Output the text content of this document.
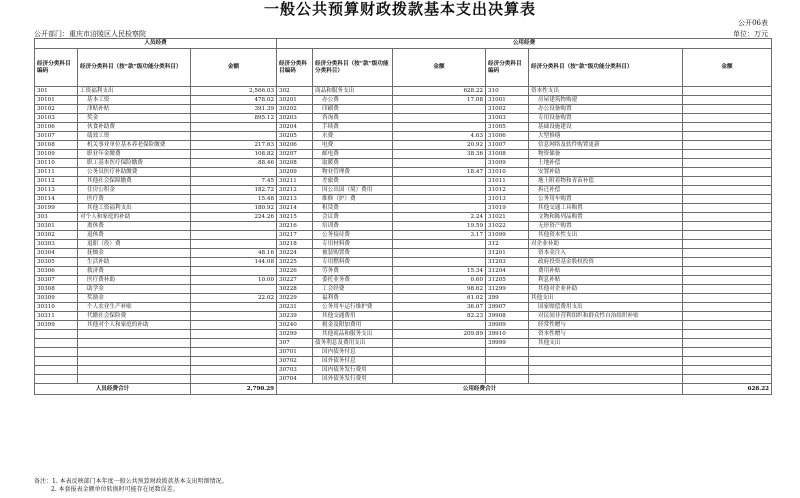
一般公共预算财政拨款基本支出决算表
公开06表
公开部门：重庆市涪陵区人民检察院	单位：万元
人员经费			公用经费					
经济分类科目编码	经济分类科目（按“款”级功能分类科目）	金额	经济分类科目编码	经济分类科目（按“款”级功能分类科目）	金额	经济分类科目编码	经济分类科目（按“款”级功能分类科目）	金额
301	工资福利支出	2,566.03	302	商品和服务支出	628.22	310	资本性支出	
30101	基本工资	478.02	30201	办公费	17.08	31001	房屋建筑物购建	
30102	津贴补贴	391.39	30202	印刷费		31002	办公设备购置	
30103	奖金	895.12	30203	咨询费		31003	专用设备购置	
30106	伙食补助费		30204	手续费		31005	基础设施建设	
30107	绩效工资		30205	水费	4.63	31006	大型修缮	
30108	机关事业单位基本养老保险缴费	217.63	30206	电费	20.92	31007	信息网络及软件购置更新	
30109	职业年金缴费	108.82	30207	邮电费	38.36	31008	物资储备	
30110	职工基本医疗保险缴费	88.46	30208	取暖费		31009	土地补偿	
30111	公务员医疗补助缴费		30209	物业管理费	18.47	31010	安置补助	
30112	其他社会保障缴费	7.45	30211	差旅费		31011	地上附着物和青苗补偿	
30113	住房公积金	182.72	30212	因公出国（境）费用		31012	拆迁补偿	
30114	医疗费	15.48	30213	维修（护）费		31013	公务用车购置	
30199	其他工资福利支出	180.92	30214	租赁费		31019	其他交通工具购置	
303	对个人和家庭的补助	224.26	30215	会议费	2.24	31021	文物和陈列品购置	
30301	离休费		30216	培训费	19.59	31022	无形资产购置	
30302	退休费		30217	公务接待费	3.17	31099	其他资本性支出	
30303	退职（役）费		30218	专用材料费		312	对企业补助	
30304	抚恤金	48.16	30224	被装购置费		31201	资本金注入	
30305	生活补助	144.08	30225	专用燃料费		31203	政府投资基金股权投资	
30306	救济费		30226	劳务费	15.34	31204	费用补贴	
30307	医疗费补助	10.00	30227	委托业务费	0.60	31205	利息补贴	
30308	助学金		30228	工会经费	98.62	31299	其他对企业补助	
30309	奖励金	22.02	30229	福利费	61.02	399	其他支出	
30310	个人农业生产补贴		30231	公务用车运行维护费	36.07	39907	国家赔偿费用支出	
30311	代缴社会保险费		30239	其他交通费用	82.23	39908	对民间非营利组织和群众性自治组织补贴	
30399	其他对个人和家庭的补助		30240	税金及附加费用		39909	经常性赠与	
			30299	其他商品和服务支出	209.89	39910	资本性赠与	
			307	债务利息及费用支出		39999	其他支出	
			30701	国内债务付息				
			30702	国外债务付息				
			30703	国内债务发行费用				
			30704	国外债务发行费用				
人员经费合计		2,790.29	公用经费合计					628.22
备注：1. 本表反映部门本年度一般公共预算财政拨款基本支出明细情况。
2. 本套报表金额单位转换时可能存在尾数误差。
